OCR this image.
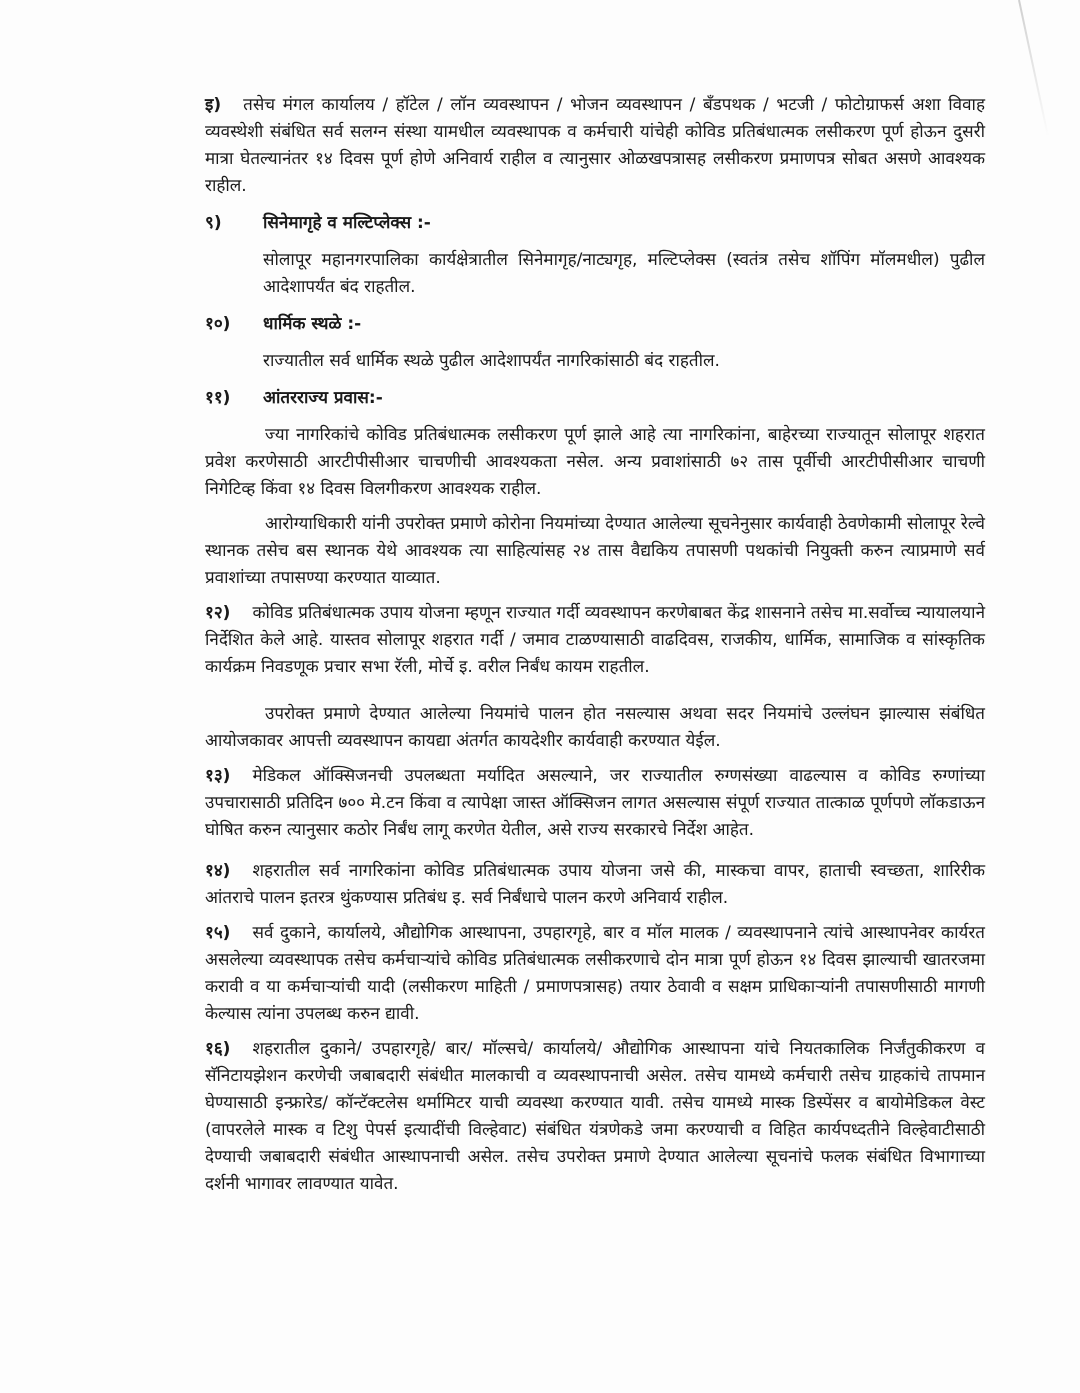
इ) तसेच मंगल कार्यालय / हॉटेल / लॉन व्यवस्थापन / भोजन व्यवस्थापन / बँडपथक / भटजी / फोटोग्राफर्स अशा विवाह व्यवस्थेशी संबंधित सर्व सलग्न संस्था यामधील व्यवस्थापक व कर्मचारी यांचेही कोविड प्रतिबंधात्मक लसीकरण पूर्ण होऊन दुसरी मात्रा घेतल्यानंतर १४ दिवस पूर्ण होणे अनिवार्य राहील व त्यानुसार ओळखपत्रासह लसीकरण प्रमाणपत्र सोबत असणे आवश्यक राहील.

९)	सिनेमागृहे व मल्टिप्लेक्स :-

सोलापूर महानगरपालिका कार्यक्षेत्रातील सिनेमागृह/नाट्यगृह, मल्टिप्लेक्स (स्वतंत्र तसेच शॉपिंग मॉलमधील) पुढील आदेशापर्यंत बंद राहतील.

१०)	धार्मिक स्थळे :-

राज्यातील सर्व धार्मिक स्थळे पुढील आदेशापर्यंत नागरिकांसाठी बंद राहतील.

११)	आंतरराज्य प्रवास:-

ज्या नागरिकांचे कोविड प्रतिबंधात्मक लसीकरण पूर्ण झाले आहे त्या नागरिकांना, बाहेरच्या राज्यातून सोलापूर शहरात प्रवेश करणेसाठी आरटीपीसीआर चाचणीची आवश्यकता नसेल. अन्य प्रवाशांसाठी ७२ तास पूर्वीची आरटीपीसीआर चाचणी निगेटिव्ह किंवा १४ दिवस विलगीकरण आवश्यक राहील.

आरोग्याधिकारी यांनी उपरोक्त प्रमाणे कोरोना नियमांच्या देण्यात आलेल्या सूचनेनुसार कार्यवाही ठेवणेकामी सोलापूर रेल्वे स्थानक तसेच बस स्थानक येथे आवश्यक त्या साहित्यांसह २४ तास वैद्यकिय तपासणी पथकांची नियुक्ती करुन त्याप्रमाणे सर्व प्रवाशांच्या तपासण्या करण्यात याव्यात.

१२) कोविड प्रतिबंधात्मक उपाय योजना म्हणून राज्यात गर्दी व्यवस्थापन करणेबाबत केंद्र शासनाने तसेच मा.सर्वोच्च न्यायालयाने निर्देशित केले आहे. यास्तव सोलापूर शहरात गर्दी / जमाव टाळण्यासाठी वाढदिवस, राजकीय, धार्मिक, सामाजिक व सांस्कृतिक कार्यक्रम निवडणूक प्रचार सभा रॅली, मोर्चे इ. वरील निर्बंध कायम राहतील.

उपरोक्त प्रमाणे देण्यात आलेल्या नियमांचे पालन होत नसल्यास अथवा सदर नियमांचे उल्लंघन झाल्यास संबंधित आयोजकावर आपत्ती व्यवस्थापन कायद्या अंतर्गत कायदेशीर कार्यवाही करण्यात येईल.

१३) मेडिकल ऑक्सिजनची उपलब्धता मर्यादित असल्याने, जर राज्यातील रुग्णसंख्या वाढल्यास व कोविड रुग्णांच्या उपचारासाठी प्रतिदिन ७०० मे.टन किंवा व त्यापेक्षा जास्त ऑक्सिजन लागत असल्यास संपूर्ण राज्यात तात्काळ पूर्णपणे लॉकडाऊन घोषित करुन त्यानुसार कठोर निर्बंध लागू करणेत येतील, असे राज्य सरकारचे निर्देश आहेत.

१४) शहरातील सर्व नागरिकांना कोविड प्रतिबंधात्मक उपाय योजना जसे की, मास्कचा वापर, हाताची स्वच्छता, शारिरीक आंतराचे पालन इतरत्र थुंकण्यास प्रतिबंध इ. सर्व निर्बंधाचे पालन करणे अनिवार्य राहील.

१५) सर्व दुकाने, कार्यालये, औद्योगिक आस्थापना, उपहारगृहे, बार व मॉल मालक / व्यवस्थापनाने त्यांचे आस्थापनेवर कार्यरत असलेल्या व्यवस्थापक तसेच कर्मचाऱ्यांचे कोविड प्रतिबंधात्मक लसीकरणाचे दोन मात्रा पूर्ण होऊन १४ दिवस झाल्याची खातरजमा करावी व या कर्मचाऱ्यांची यादी (लसीकरण माहिती / प्रमाणपत्रासह) तयार ठेवावी व सक्षम प्राधिकाऱ्यांनी तपासणीसाठी मागणी केल्यास त्यांना उपलब्ध करुन द्यावी.

१६) शहरातील दुकाने/ उपहारगृहे/ बार/ मॉल्सचे/ कार्यालये/ औद्योगिक आस्थापना यांचे नियतकालिक निर्जंतुकीकरण व सॅनिटायझेशन करणेची जबाबदारी संबंधीत मालकाची व व्यवस्थापनाची असेल. तसेच यामध्ये कर्मचारी तसेच ग्राहकांचे तापमान घेण्यासाठी इन्फ्रारेड/ कॉन्टॅक्टलेस थर्मामिटर याची व्यवस्था करण्यात यावी. तसेच यामध्ये मास्क डिस्पेंसर व बायोमेडिकल वेस्ट (वापरलेले मास्क व टिशु पेपर्स इत्यादींची विल्हेवाट) संबंधित यंत्रणेकडे जमा करण्याची व विहित कार्यपध्दतीने विल्हेवाटीसाठी देण्याची जबाबदारी संबंधीत आस्थापनाची असेल. तसेच उपरोक्त प्रमाणे देण्यात आलेल्या सूचनांचे फलक संबंधित विभागाच्या दर्शनी भागावर लावण्यात यावेत.
